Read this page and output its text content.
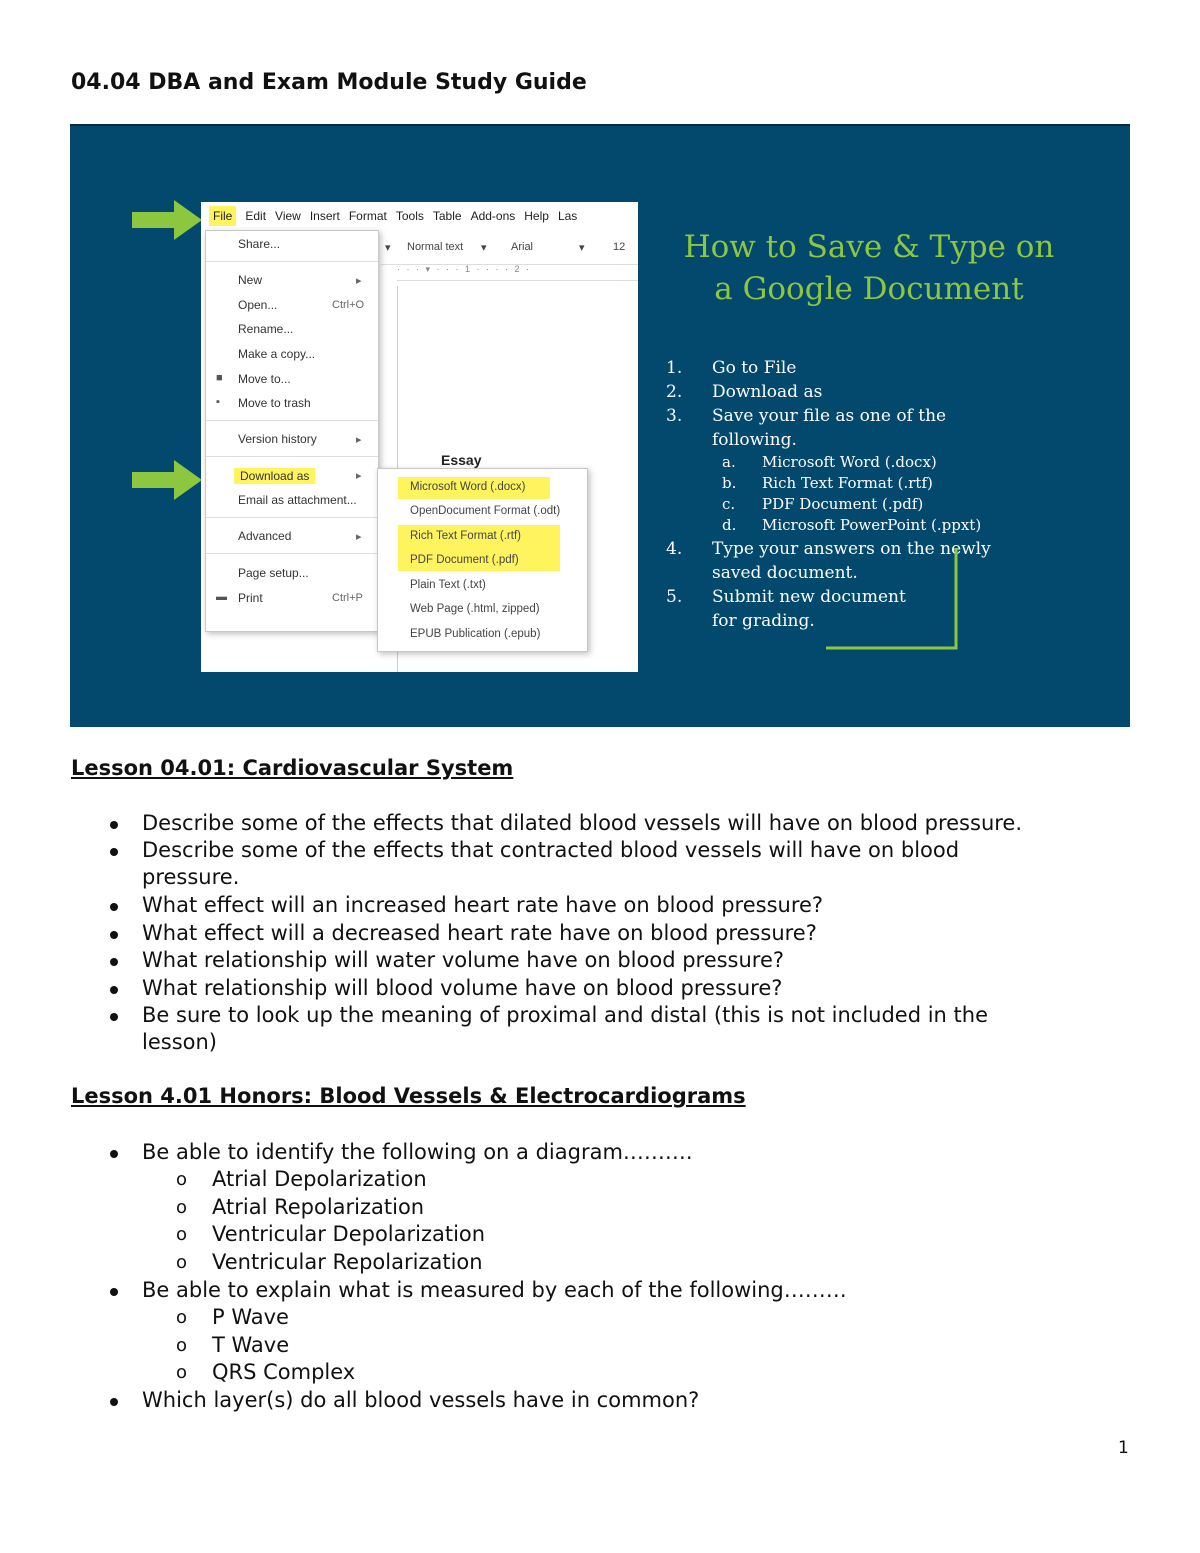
04.04 DBA and Exam Module Study Guide
File	Edit View Insert Format Tools Table Add-ons Help Las
▾ Normal text ▾ Arial	▾	12
· · · ▾ · · · 1 · · · · 2 ·
Essay
Share...
New	▸
Open...	Ctrl+O
Rename...
Make a copy...
Move to...
Move to trash
Version history	▸
Download as	▸
Email as attachment...
Advanced	▸
Page setup...
Print	Ctrl+P
■
▪
▬
Microsoft Word (.docx)
OpenDocument Format (.odt)
Rich Text Format (.rtf)
PDF Document (.pdf)
Plain Text (.txt)
Web Page (.html, zipped)
EPUB Publication (.epub)
How to Save & Type on
a Google Document
1. Go to File
2. Download as
3. Save your file as one of the
following.
4. Type your answers on the newly
saved document.
5. Submit new document
for grading.
a. Microsoft Word (.docx)
b. Rich Text Format (.rtf)
c. PDF Document (.pdf)
d. Microsoft PowerPoint (.ppxt)
Lesson 04.01: Cardiovascular System
Describe some of the effects that dilated blood vessels will have on blood pressure.
Describe some of the effects that contracted blood vessels will have on blood
pressure.
What effect will an increased heart rate have on blood pressure?
What effect will a decreased heart rate have on blood pressure?
What relationship will water volume have on blood pressure?
What relationship will blood volume have on blood pressure?
Be sure to look up the meaning of proximal and distal (this is not included in the
lesson)
Lesson 4.01 Honors: Blood Vessels & Electrocardiograms
Be able to identify the following on a diagram……….
o Atrial Depolarization
o Atrial Repolarization
o Ventricular Depolarization
o Ventricular Repolarization
Be able to explain what is measured by each of the following………
o P Wave
o T Wave
o QRS Complex
Which layer(s) do all blood vessels have in common?
1
